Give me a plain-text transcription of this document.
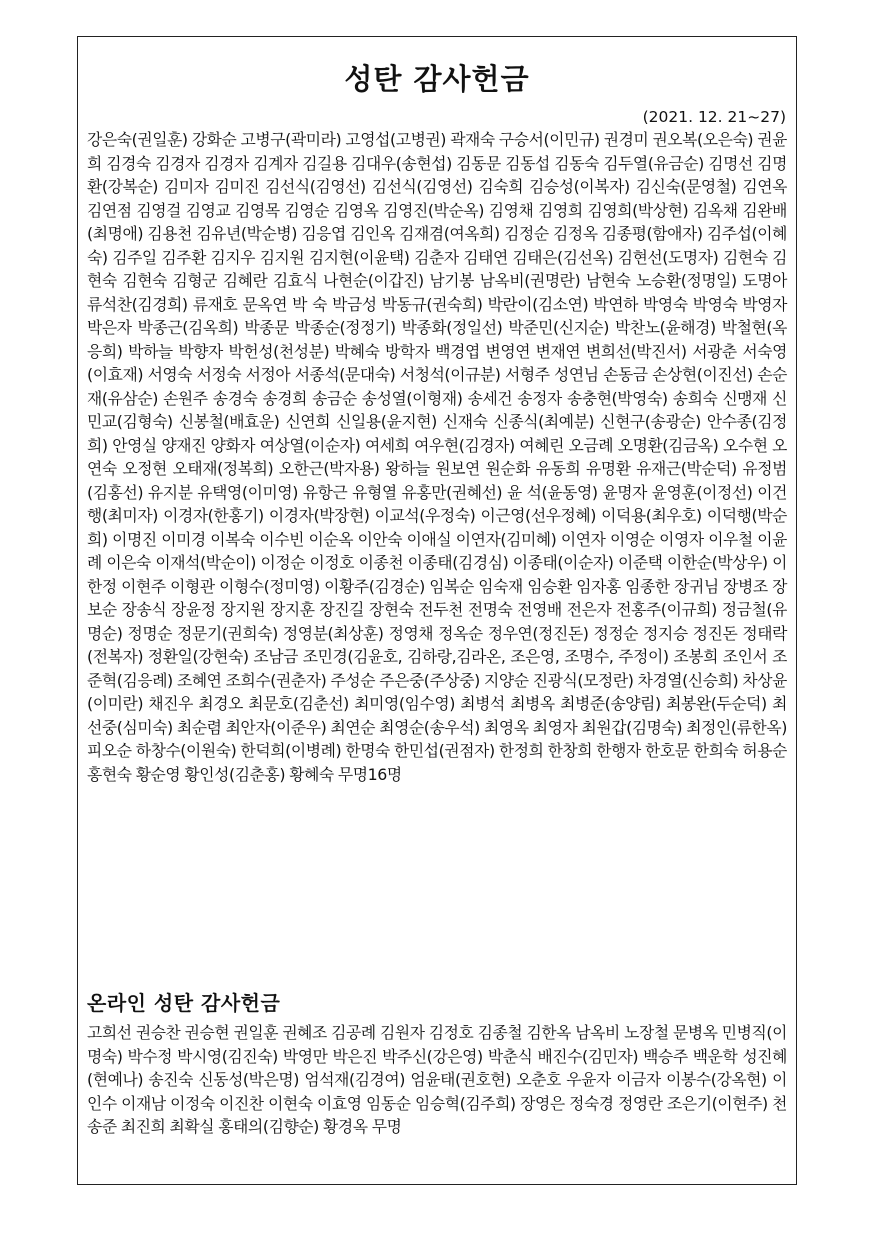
성탄 감사헌금
(2021. 12. 21~27)

강은숙(권일훈) 강화순 고병구(곽미라) 고영섭(고병권) 곽재숙 구승서(이민규) 권경미 권오복(오은숙) 권윤희 김경숙 김경자 김경자 김계자 김길용 김대우(송현섭) 김동문 김동섭 김동숙 김두열(유금순) 김명선 김명환(강복순) 김미자 김미진 김선식(김영선) 김선식(김영선) 김숙희 김승성(이복자) 김신숙(문영철) 김연옥 김연점 김영걸 김영교 김영목 김영순 김영옥 김영진(박순옥) 김영채 김영희 김영희(박상현) 김옥채 김완배(최명애) 김용천 김유년(박순병) 김응엽 김인옥 김재겸(여옥희) 김정순 김정옥 김종평(함애자) 김주섭(이혜숙) 김주일 김주환 김지우 김지원 김지현(이윤택) 김춘자 김태연 김태은(김선옥) 김현선(도명자) 김현숙 김현숙 김현숙 김형군 김혜란 김효식 나현순(이갑진) 남기봉 남옥비(권명란) 남현숙 노승환(정명일) 도명아 류석찬(김경희) 류재호 문옥연 박 숙 박금성 박동규(권숙희) 박란이(김소연) 박연하 박영숙 박영숙 박영자 박은자 박종근(김옥희) 박종문 박종순(정정기) 박종화(정일선) 박준민(신지순) 박찬노(윤해경) 박철현(옥응희) 박하늘 박향자 박헌성(천성분) 박혜숙 방학자 백경엽 변영연 변재연 변희선(박진서) 서광춘 서숙영(이효재) 서영숙 서정숙 서정아 서종석(문대숙) 서청석(이규분) 서형주 성연님 손동금 손상현(이진선) 손순재(유삼순) 손원주 송경숙 송경희 송금순 송성열(이형재) 송세건 송정자 송충현(박영숙) 송희숙 신맹재 신민교(김형숙) 신봉철(배효운) 신연희 신일용(윤지현) 신재숙 신종식(최예분) 신현구(송광순) 안수종(김정희) 안영실 양재진 양화자 여상열(이순자) 여세희 여우현(김경자) 여혜린 오금례 오명환(김금옥) 오수현 오연숙 오정현 오태재(정복희) 오한근(박자용) 왕하늘 원보연 원순화 유동희 유명환 유재근(박순덕) 유정범(김홍선) 유지분 유택영(이미영) 유항근 유형열 유홍만(권혜선) 윤 석(윤동영) 윤명자 윤영훈(이정선) 이건행(최미자) 이경자(한홍기) 이경자(박장현) 이교석(우정숙) 이근영(선우정혜) 이덕용(최우호) 이덕행(박순희) 이명진 이미경 이복숙 이수빈 이순옥 이안숙 이애실 이연자(김미혜) 이연자 이영순 이영자 이우철 이윤례 이은숙 이재석(박순이) 이정순 이정호 이종천 이종태(김경심) 이종태(이순자) 이준택 이한순(박상우) 이한정 이현주 이형관 이형수(정미영) 이황주(김경순) 임복순 임숙재 임승환 임자홍 임종한 장귀님 장병조 장보순 장송식 장윤정 장지원 장지훈 장진길 장현숙 전두천 전명숙 전영배 전은자 전홍주(이규희) 정금철(유명순) 정명순 정문기(권희숙) 정영분(최상훈) 정영채 정옥순 정우연(정진돈) 정정순 정지승 정진돈 정태락(전복자) 정환일(강현숙) 조남금 조민경(김윤호, 김하랑,김라온, 조은영, 조명수, 주정이) 조봉희 조인서 조준혁(김응례) 조혜연 조희수(권춘자) 주성순 주은중(주상중) 지양순 진광식(모정란) 차경열(신승희) 차상윤(이미란) 채진우 최경오 최문호(김춘선) 최미영(임수영) 최병석 최병옥 최병준(송양림) 최봉완(두순덕) 최선중(심미숙) 최순렴 최안자(이준우) 최연순 최영순(송우석) 최영옥 최영자 최원갑(김명숙) 최정인(류한옥) 피오순 하창수(이원숙) 한덕희(이병례) 한명숙 한민섭(권점자) 한정희 한창희 한행자 한호문 한희숙 허용순 홍현숙 황순영 황인성(김춘홍) 황혜숙 무명16명

온라인 성탄 감사헌금

고희선 권승찬 권승현 권일훈 권혜조 김공례 김원자 김정호 김종철 김한옥 남옥비 노장철 문병옥 민병직(이명숙) 박수정 박시영(김진숙) 박영만 박은진 박주신(강은영) 박춘식 배진수(김민자) 백승주 백운학 성진혜(현예나) 송진숙 신동성(박은명) 엄석재(김경여) 엄윤태(권호현) 오춘호 우윤자 이금자 이봉수(강옥현) 이인수 이재남 이정숙 이진찬 이현숙 이효영 임동순 임승혁(김주희) 장영은 정숙경 정영란 조은기(이현주) 천송준 최진희 최확실 홍태의(김향순) 황경옥 무명
